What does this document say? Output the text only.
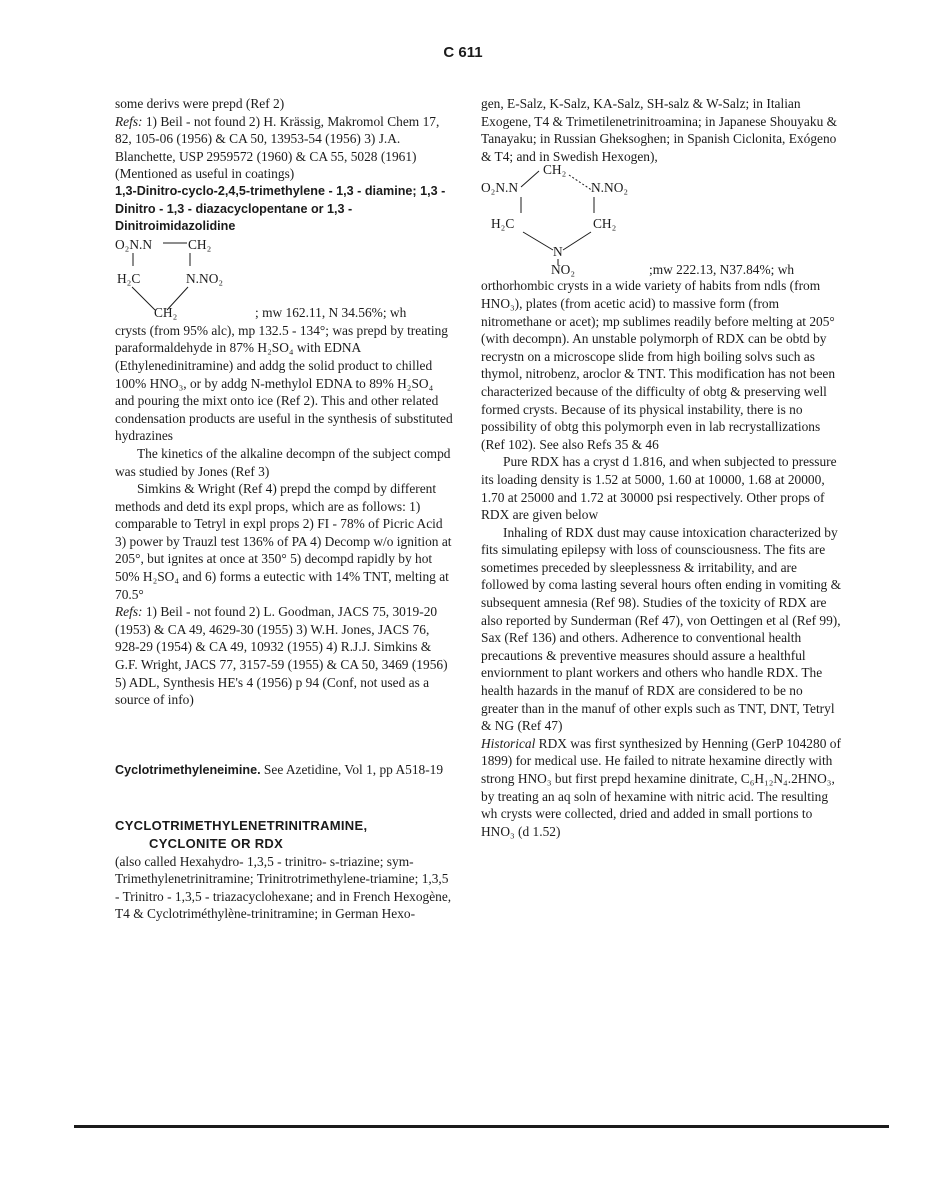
C 611

some derivs were prepd (Ref 2)

Refs: 1) Beil - not found 2) H. Krässig, Makromol Chem 17, 82, 105-06 (1956) & CA 50, 13953-54 (1956) 3) J.A. Blanchette, USP 2959572 (1960) & CA 55, 5028 (1961) (Mentioned as useful in coatings)

1,3-Dinitro-cyclo-2,4,5-trimethylene - 1,3 - diamine; 1,3 - Dinitro - 1,3 - diazacyclopentane or 1,3 - Dinitroimidazolidine

O₂N.N	CH₂
H₂C	N.NO₂
CH₂	; mw 162.11, N 34.56%; wh

crysts (from 95% alc), mp 132.5 - 134°; was prepd by treating paraformaldehyde in 87% H₂SO₄ with EDNA (Ethylenedinitramine) and addg the solid product to chilled 100% HNO₃, or by addg N-methylol EDNA to 89% H₂SO₄ and pouring the mixt onto ice (Ref 2). This and other related condensation products are useful in the synthesis of substituted hydrazines

The kinetics of the alkaline decompn of the subject compd was studied by Jones (Ref 3)

Simkins & Wright (Ref 4) prepd the compd by different methods and detd its expl props, which are as follows: 1) comparable to Tetryl in expl props 2) FI - 78% of Picric Acid 3) power by Trauzl test 136% of PA 4) Decomp w/o ignition at 205°, but ignites at once at 350° 5) decompd rapidly by hot 50% H₂SO₄ and 6) forms a eutectic with 14% TNT, melting at 70.5°

Refs: 1) Beil - not found 2) L. Goodman, JACS 75, 3019-20 (1953) & CA 49, 4629-30 (1955) 3) W.H. Jones, JACS 76, 928-29 (1954) & CA 49, 10932 (1955) 4) R.J.J. Simkins & G.F. Wright, JACS 77, 3157-59 (1955) & CA 50, 3469 (1956) 5) ADL, Synthesis HE's 4 (1956) p 94 (Conf, not used as a source of info)

Cyclotrimethyleneimine. See Azetidine, Vol 1, pp A518-19

CYCLOTRIMETHYLENETRINITRAMINE,
CYCLONITE OR RDX

(also called Hexahydro- 1,3,5 - trinitro- s-triazine; sym-Trimethylenetrinitramine; Trinitrotrimethylene-triamine; 1,3,5 - Trinitro - 1,3,5 - triazacyclohexane; and in French Hexogène, T4 & Cyclotriméthylène-trinitramine; in German Hexo-

gen, E-Salz, K-Salz, KA-Salz, SH-salz & W-Salz; in Italian Exogene, T4 & Trimetilenetrinitroamina; in Japanese Shouyaku & Tanayaku; in Russian Gheksoghen; in Spanish Ciclonita, Exógeno & T4; and in Swedish Hexogen),

CH₂
O₂N.N	N.NO₂
H₂C	CH₂
N
NO₂	;mw 222.13, N37.84%; wh

orthorhombic crysts in a wide variety of habits from ndls (from HNO₃), plates (from acetic acid) to massive form (from nitromethane or acet); mp sublimes readily before melting at 205° (with decompn). An unstable polymorph of RDX can be obtd by recrystn on a microscope slide from high boiling solvs such as thymol, nitrobenz, aroclor & TNT. This modification has not been characterized because of the difficulty of obtg & preserving well formed crysts. Because of its physical instability, there is no possibility of obtg this polymorph even in lab recrystallizations (Ref 102). See also Refs 35 & 46

Pure RDX has a cryst d 1.816, and when subjected to pressure its loading density is 1.52 at 5000, 1.60 at 10000, 1.68 at 20000, 1.70 at 25000 and 1.72 at 30000 psi respectively. Other props of RDX are given below

Inhaling of RDX dust may cause intoxication characterized by fits simulating epilepsy with loss of counsciousness. The fits are sometimes preceded by sleeplessness & irritability, and are followed by coma lasting several hours often ending in vomiting & subsequent amnesia (Ref 98). Studies of the toxicity of RDX are also reported by Sunderman (Ref 47), von Oettingen et al (Ref 99), Sax (Ref 136) and others. Adherence to conventional health precautions & preventive measures should assure a healthful enviornment to plant workers and others who handle RDX. The health hazards in the manuf of RDX are considered to be no greater than in the manuf of other expls such as TNT, DNT, Tetryl & NG (Ref 47)

Historical RDX was first synthesized by Henning (GerP 104280 of 1899) for medical use. He failed to nitrate hexamine directly with strong HNO₃ but first prepd hexamine dinitrate, C₆H₁₂N₄.2HNO₃, by treating an aq soln of hexamine with nitric acid. The resulting wh crysts were collected, dried and added in small portions to HNO₃ (d 1.52)
